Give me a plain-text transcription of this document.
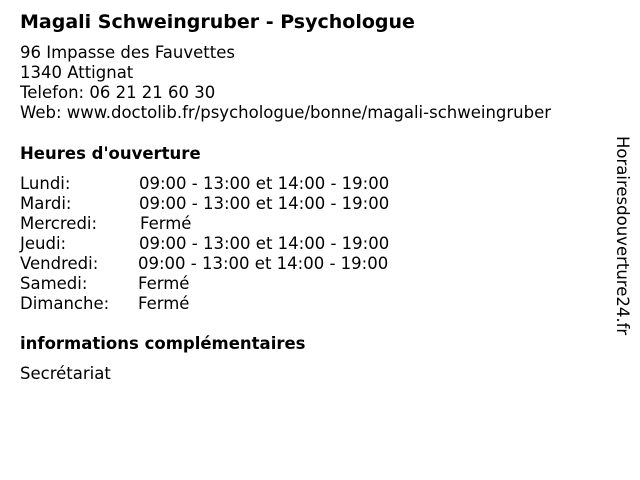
Magali Schweingruber - Psychologue
96 Impasse des Fauvettes
1340 Attignat
Telefon: 06 21 21 60 30
Web: www.doctolib.fr/psychologue/bonne/magali-schweingruber
Heures d'ouverture
Lundi:	09:00 - 13:00 et 14:00 - 19:00
Mardi:	09:00 - 13:00 et 14:00 - 19:00
Mercredi:	Fermé
Jeudi:	09:00 - 13:00 et 14:00 - 19:00
Vendredi: 09:00 - 13:00 et 14:00 - 19:00
Samedi:	Fermé
Dimanche: Fermé
informations complémentaires
Secrétariat
Horairesdouverture24.fr
